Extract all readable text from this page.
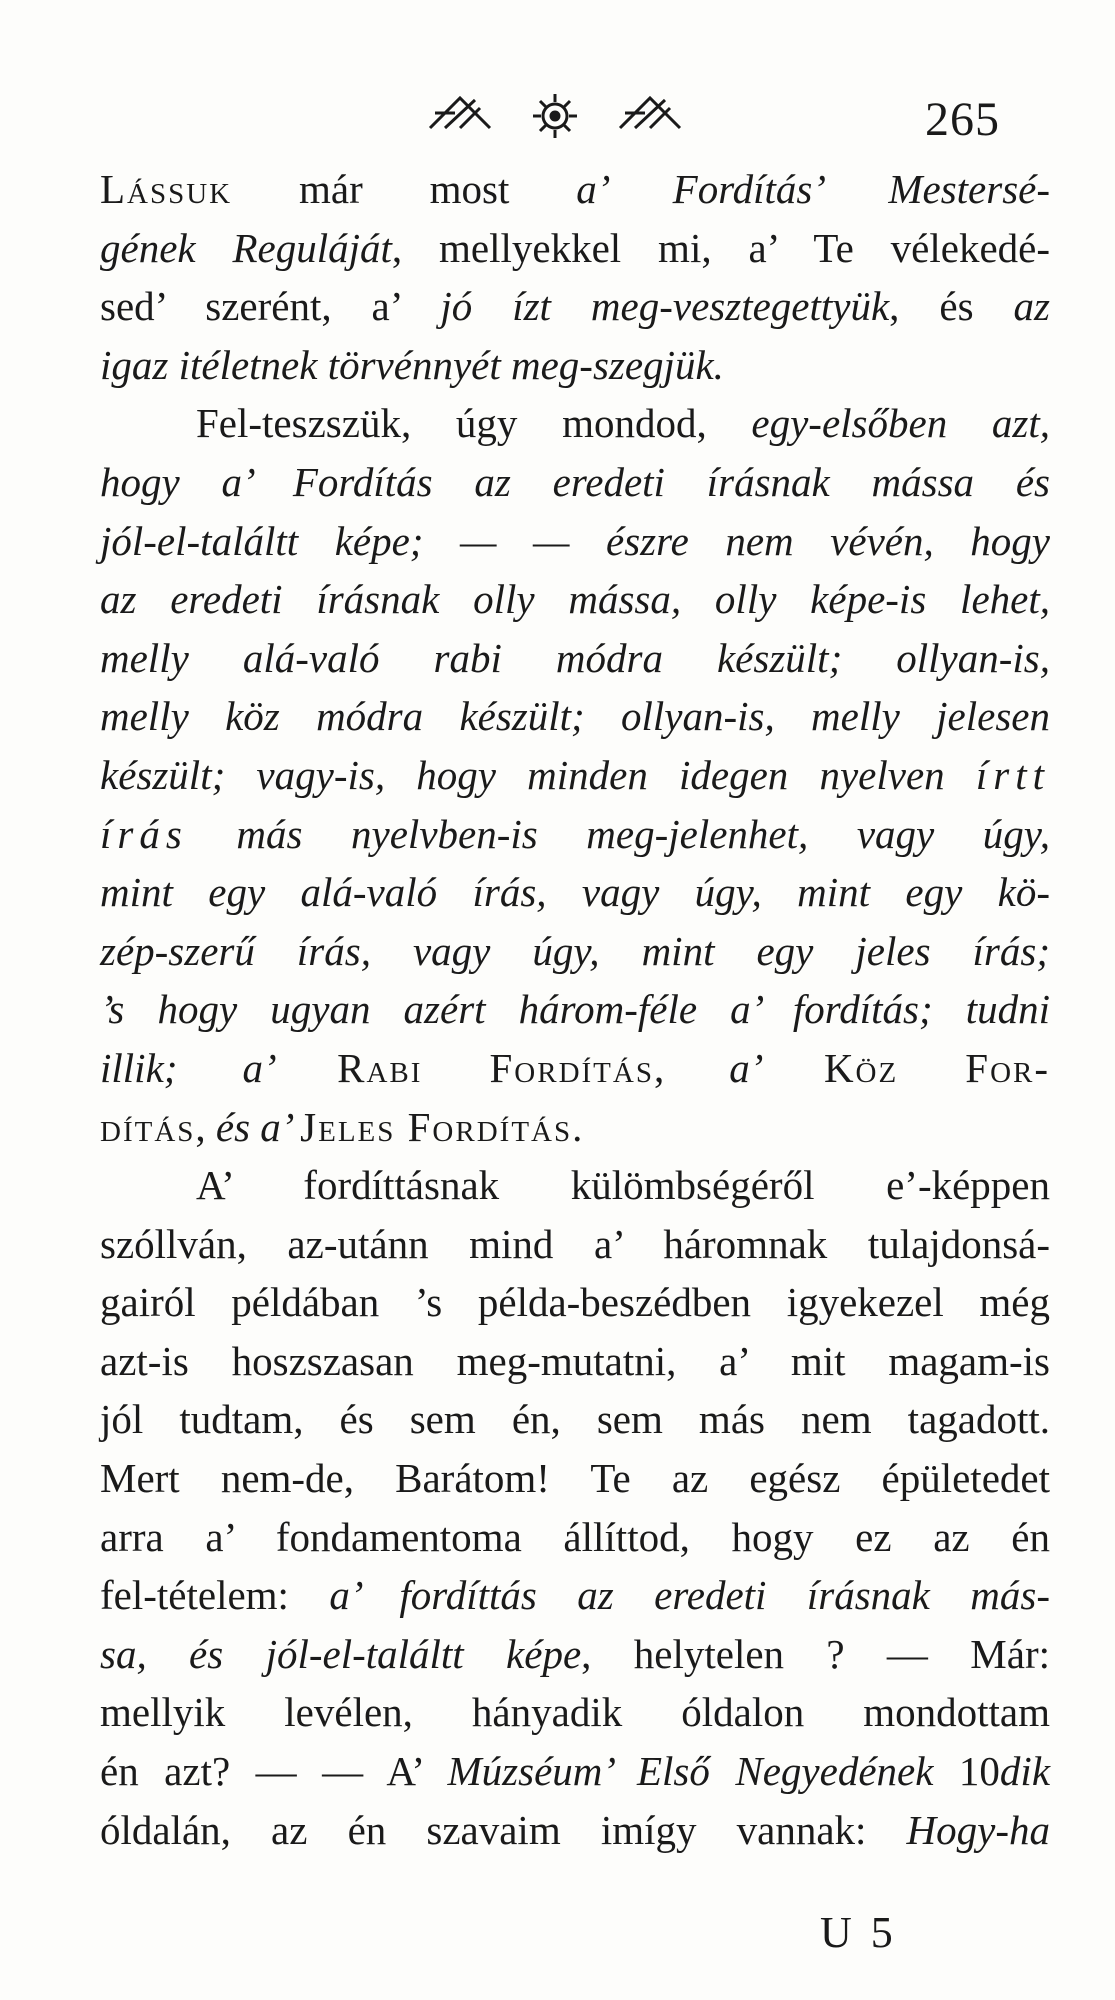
265
Lássuk már most a’ Fordítás’ Mestersé-
gének Reguláját, mellyekkel mi, a’ Te vélekedé-
sed’ szerént, a’ jó ízt meg-vesztegettyük, és az
igaz itéletnek törvénnyét meg-szegjük.
Fel-teszszük, úgy mondod, egy-elsőben azt,
hogy a’ Fordítás az eredeti írásnak mássa és
jól-el-találtt képe; — — észre nem vévén, hogy
az eredeti írásnak olly mássa, olly képe-is lehet,
melly alá-való rabi módra készült; ollyan-is,
melly köz módra készült; ollyan-is, melly jelesen
készült; vagy-is, hogy minden idegen nyelven írtt
írás más nyelvben-is meg-jelenhet, vagy úgy,
mint egy alá-való írás, vagy úgy, mint egy kö-
zép-szerű írás, vagy úgy, mint egy jeles írás;
’s hogy ugyan azért három-féle a’ fordítás; tudni
illik; a’ Rabi Fordítás, a’ Köz For-
dítás, és a’ Jeles Fordítás.
A’ fordíttásnak külömbségéről e’-képpen
szóllván, az-utánn mind a’ háromnak tulajdonsá-
gairól példában ’s példa-beszédben igyekezel még
azt-is hoszszasan meg-mutatni, a’ mit magam-is
jól tudtam, és sem én, sem más nem tagadott.
Mert nem-de, Barátom! Te az egész épületedet
arra a’ fondamentoma állíttod, hogy ez az én
fel-tételem: a’ fordíttás az eredeti írásnak más-
sa, és jól-el-találtt képe, helytelen ? — Már:
mellyik levélen, hányadik óldalon mondottam
én azt? — — A’ Múzséum’ Első Negyedének 10dik
óldalán, az én szavaim imígy vannak: Hogy-ha
U 5
